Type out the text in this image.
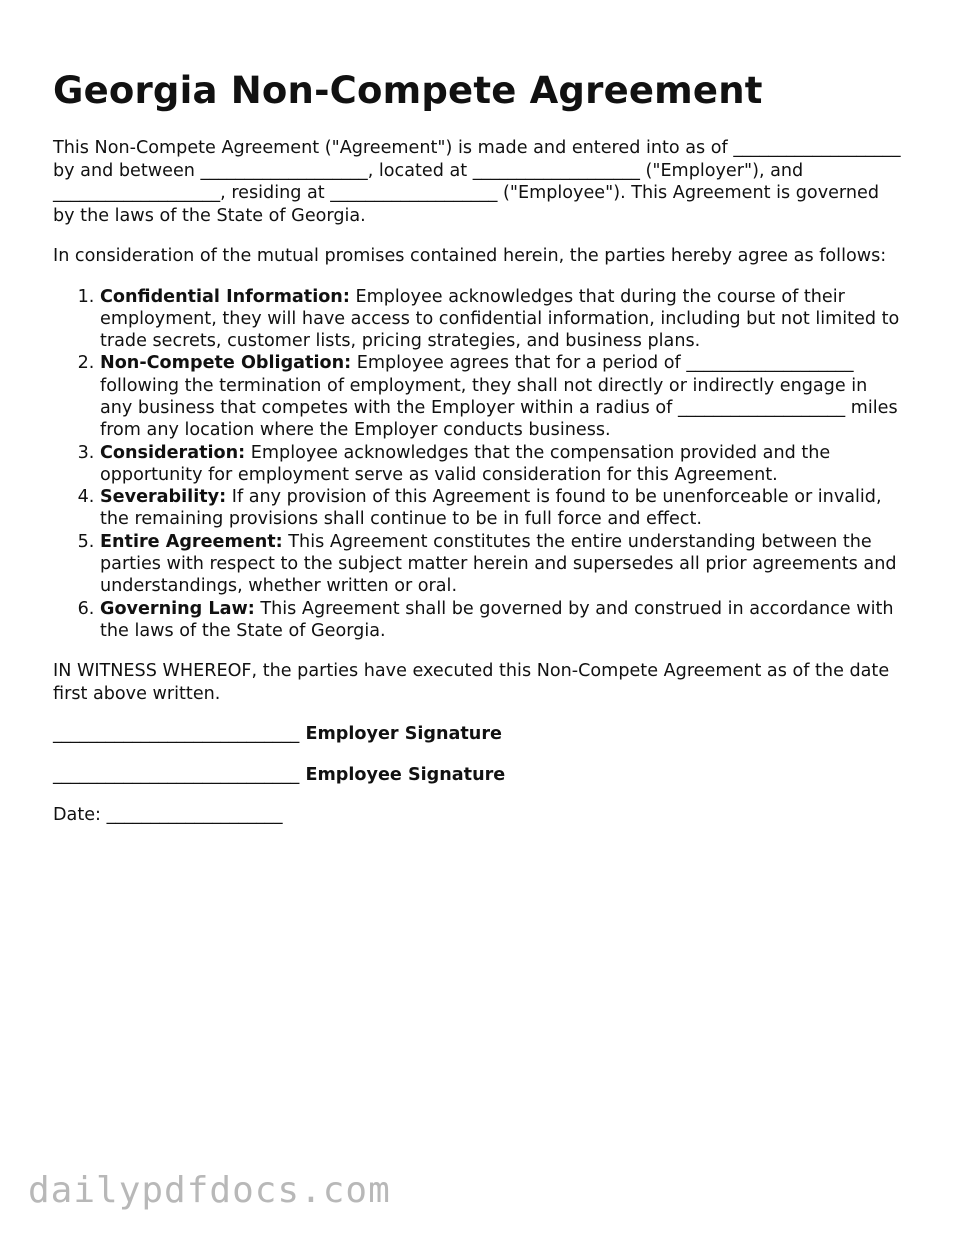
Georgia Non-Compete Agreement

This Non-Compete Agreement ("Agreement") is made and entered into as of ___________________ by and between ___________________, located at ___________________ ("Employer"), and ___________________, residing at ___________________ ("Employee"). This Agreement is governed by the laws of the State of Georgia.

In consideration of the mutual promises contained herein, the parties hereby agree as follows:

1. Confidential Information: Employee acknowledges that during the course of their employment, they will have access to confidential information, including but not limited to trade secrets, customer lists, pricing strategies, and business plans.
2. Non-Compete Obligation: Employee agrees that for a period of ___________________ following the termination of employment, they shall not directly or indirectly engage in any business that competes with the Employer within a radius of ___________________ miles from any location where the Employer conducts business.
3. Consideration: Employee acknowledges that the compensation provided and the opportunity for employment serve as valid consideration for this Agreement.
4. Severability: If any provision of this Agreement is found to be unenforceable or invalid, the remaining provisions shall continue to be in full force and effect.
5. Entire Agreement: This Agreement constitutes the entire understanding between the parties with respect to the subject matter herein and supersedes all prior agreements and understandings, whether written or oral.
6. Governing Law: This Agreement shall be governed by and construed in accordance with the laws of the State of Georgia.

IN WITNESS WHEREOF, the parties have executed this Non-Compete Agreement as of the date first above written.

____________________________ Employer Signature
____________________________ Employee Signature
Date: ____________________
dailypdfdocs.com
